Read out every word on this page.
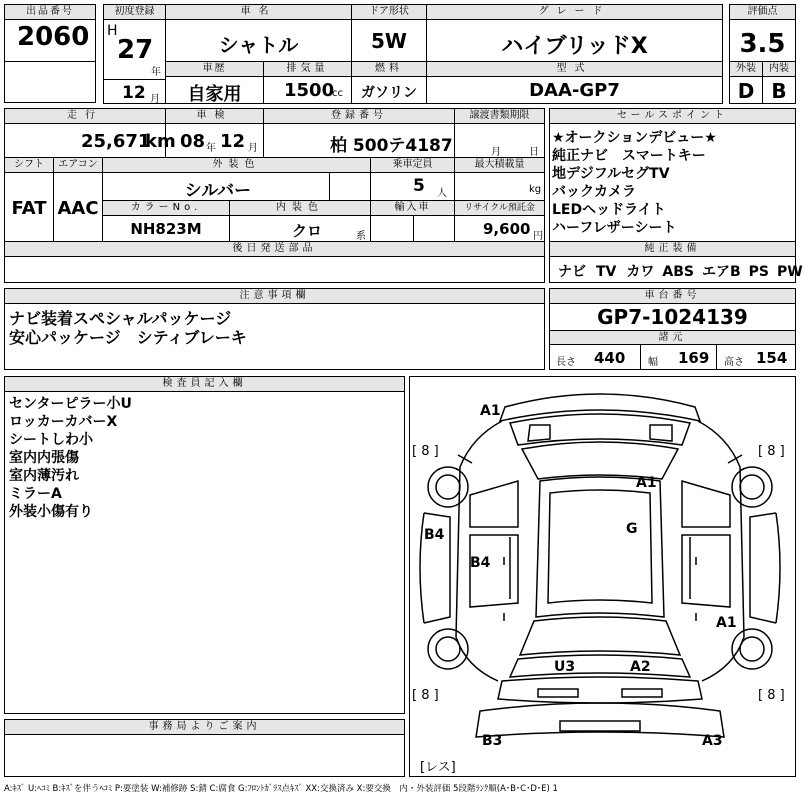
出品番号
2060
初度登録
H
27
年
12 月
車名
シャトル
ドア形状
5W
グレード
ハイブリッドX
評価点
3.5
車歴
自家用
排気量
1500
cc
燃料
ガソリン
型式
DAA-GP7
外装
D
内装
B
走行
25,671
km
車検
08 年 12 月
登録番号
柏 500テ4187
譲渡書類期限
月	日
セールスポイント
★オークションデビュー★
純正ナビ　スマートキー
地デジフルセグTV
バックカメラ
LEDヘッドライト
ハーフレザーシート
シフト
FAT
エアコン
AAC
外装色
シルバー
乗車定員
5 人
最大積載量
kg
カラーNo.
NH823M
内装色
クロ	系
輸入車	リサイクル預託金
9,600 円
後日発送部品	純正装備
ナビ TV カワ ABS エアB PS PW
注意事項欄
ナビ装着スペシャルパッケージ
安心パッケージ　シティブレーキ
車台番号
GP7-1024139
諸元
長さ 440 幅 169 高さ 154
検査員記入欄
センターピラー小U
ロッカーカバーX
シートしわ小
室内内張傷
室内薄汚れ
ミラーA
外装小傷有り
事務局よりご案内
A1
A1
G
B4
B4
A1
U3	A2
B3	A3
[ 8 ]	[ 8 ]
[ 8 ]	[ 8 ]
[レス]
A:ｷｽﾞ U:ﾍｺﾐ B:ｷｽﾞを伴うﾍｺﾐ P:要塗装 W:補修跡 S:錆 C:腐食 G:ﾌﾛﾝﾄｶﾞﾗｽ点ｷｽﾞ XX:交換済み X:要交換　内・外装評価 5段階ﾗﾝｸ順(A･B･C･D･E) 1
